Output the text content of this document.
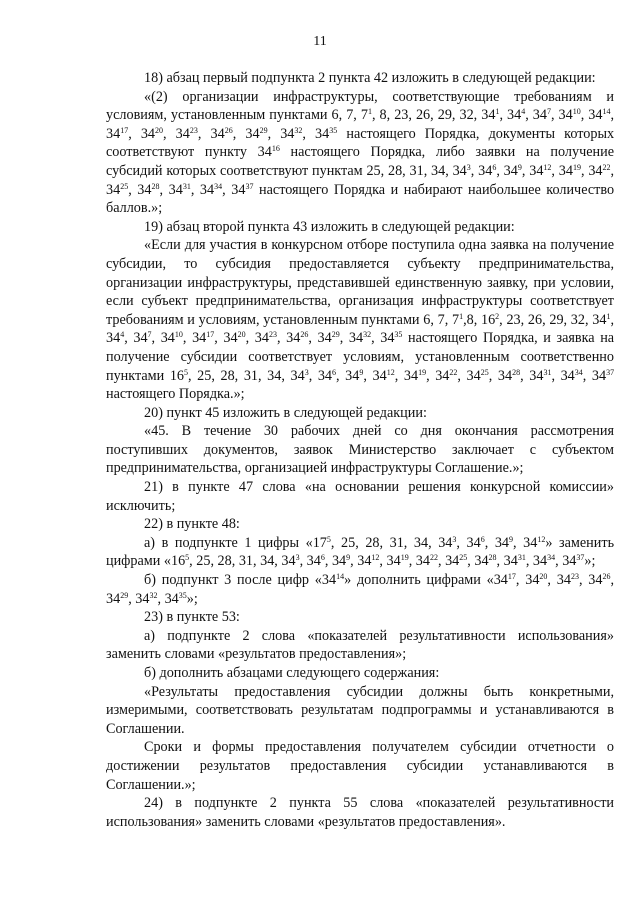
11

18) абзац первый подпункта 2 пункта 42 изложить в следующей редакции:

«(2) организации инфраструктуры, соответствующие требованиям и условиям, установленным пунктами 6, 7, $7^1$, 8, 23, 26, 29, 32, $34^1$, $34^4$, $34^7$, $34^{10}$, $34^{14}$, $34^{17}$, $34^{20}$, $34^{23}$, $34^{26}$, $34^{29}$, $34^{32}$, $34^{35}$ настоящего Порядка, документы которых соответствуют пункту $34^{16}$ настоящего Порядка, либо заявки на получение субсидий которых соответствуют пунктам 25, 28, 31, 34, $34^3$, $34^6$, $34^9$, $34^{12}$, $34^{19}$, $34^{22}$, $34^{25}$, $34^{28}$, $34^{31}$, $34^{34}$, $34^{37}$ настоящего Порядка и набирают наибольшее количество баллов.»;

19) абзац второй пункта 43 изложить в следующей редакции:

«Если для участия в конкурсном отборе поступила одна заявка на получение субсидии, то субсидия предоставляется субъекту предпринимательства, организации инфраструктуры, представившей единственную заявку, при условии, если субъект предпринимательства, организация инфраструктуры соответствует требованиям и условиям, установленным пунктами 6, 7, $7^1,8$, $16^2$, 23, 26, 29, 32, $34^1$, $34^4$, $34^7$, $34^{10}$, $34^{17}$, $34^{20}$, $34^{23}$, $34^{26}$, $34^{29}$, $34^{32}$, $34^{35}$ настоящего Порядка, и заявка на получение субсидии соответствует условиям, установленным соответственно пунктами $16^5$, 25, 28, 31, 34, $34^3$, $34^6$, $34^9$, $34^{12}$, $34^{19}$, $34^{22}$, $34^{25}$, $34^{28}$, $34^{31}$, $34^{34}$, $34^{37}$ настоящего Порядка.»;

20) пункт 45 изложить в следующей редакции:

«45. В течение 30 рабочих дней со дня окончания рассмотрения поступивших документов, заявок Министерство заключает с субъектом предпринимательства, организацией инфраструктуры Соглашение.»;

21) в пункте 47 слова «на основании решения конкурсной комиссии» исключить;

22) в пункте 48:

а) в подпункте 1 цифры «$17^5$, 25, 28, 31, 34, $34^3$, $34^6$, $34^9$, $34^{12}$» заменить цифрами «$16^5$, 25, 28, 31, 34, $34^3$, $34^6$, $34^9$, $34^{12}$, $34^{19}$, $34^{22}$, $34^{25}$, $34^{28}$, $34^{31}$, $34^{34}$, $34^{37}$»;

б) подпункт 3 после цифр «$34^{14}$» дополнить цифрами «$34^{17}$, $34^{20}$, $34^{23}$, $34^{26}$, $34^{29}$, $34^{32}$, $34^{35}$»;

23) в пункте 53:

а) подпункте 2 слова «показателей результативности использования» заменить словами «результатов предоставления»;

б) дополнить абзацами следующего содержания:

«Результаты предоставления субсидии должны быть конкретными, измеримыми, соответствовать результатам подпрограммы и устанавливаются в Соглашении.

Сроки и формы предоставления получателем субсидии отчетности о достижении результатов предоставления субсидии устанавливаются в Соглашении.»;

24) в подпункте 2 пункта 55 слова «показателей результативности использования» заменить словами «результатов предоставления».
